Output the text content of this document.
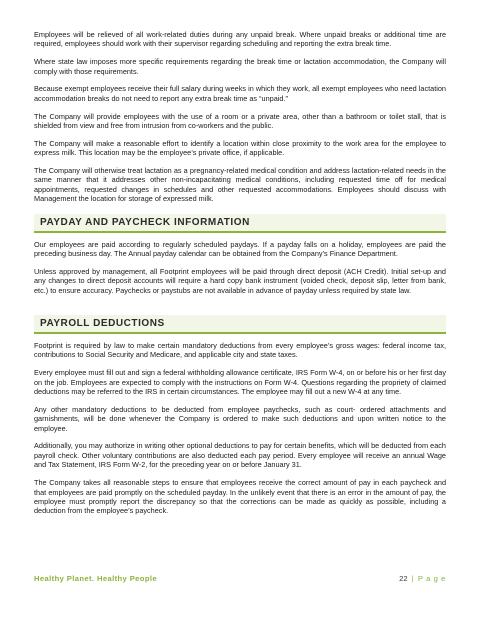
Employees will be relieved of all work-related duties during any unpaid break. Where unpaid breaks or additional time are required, employees should work with their supervisor regarding scheduling and reporting the extra break time.

Where state law imposes more specific requirements regarding the break time or lactation accommodation, the Company will comply with those requirements.

Because exempt employees receive their full salary during weeks in which they work, all exempt employees who need lactation accommodation breaks do not need to report any extra break time as “unpaid.”

The Company will provide employees with the use of a room or a private area, other than a bathroom or toilet stall, that is shielded from view and free from intrusion from co-workers and the public.

The Company will make a reasonable effort to identify a location within close proximity to the work area for the employee to express milk. This location may be the employee’s private office, if applicable.

The Company will otherwise treat lactation as a pregnancy-related medical condition and address lactation-related needs in the same manner that it addresses other non-incapacitating medical conditions, including requested time off for medical appointments, requested changes in schedules and other requested accommodations. Employees should discuss with Management the location for storage of expressed milk.

PAYDAY AND PAYCHECK INFORMATION

Our employees are paid according to regularly scheduled paydays. If a payday falls on a holiday, employees are paid the preceding business day. The Annual payday calendar can be obtained from the Company’s Finance Department.

Unless approved by management, all Footprint employees will be paid through direct deposit (ACH Credit). Initial set-up and any changes to direct deposit accounts will require a hard copy bank instrument (voided check, deposit slip, letter from bank, etc.) to ensure accuracy. Paychecks or paystubs are not available in advance of payday unless required by state law.

PAYROLL DEDUCTIONS

Footprint is required by law to make certain mandatory deductions from every employee’s gross wages: federal income tax, contributions to Social Security and Medicare, and applicable city and state taxes.

Every employee must fill out and sign a federal withholding allowance certificate, IRS Form W-4, on or before his or her first day on the job. Employees are expected to comply with the instructions on Form W-4. Questions regarding the propriety of claimed deductions may be referred to the IRS in certain circumstances. The employee may fill out a new W-4 at any time.

Any other mandatory deductions to be deducted from employee paychecks, such as court- ordered attachments and garnishments, will be done whenever the Company is ordered to make such deductions and upon written notice to the employee.

Additionally, you may authorize in writing other optional deductions to pay for certain benefits, which will be deducted from each payroll check. Other voluntary contributions are also deducted each pay period. Every employee will receive an annual Wage and Tax Statement, IRS Form W-2, for the preceding year on or before January 31.

The Company takes all reasonable steps to ensure that employees receive the correct amount of pay in each paycheck and that employees are paid promptly on the scheduled payday. In the unlikely event that there is an error in the amount of pay, the employee must promptly report the discrepancy so that the corrections can be made as quickly as possible, including a deduction from the employee’s paycheck.

Healthy Planet. Healthy People	22 | P a g e
